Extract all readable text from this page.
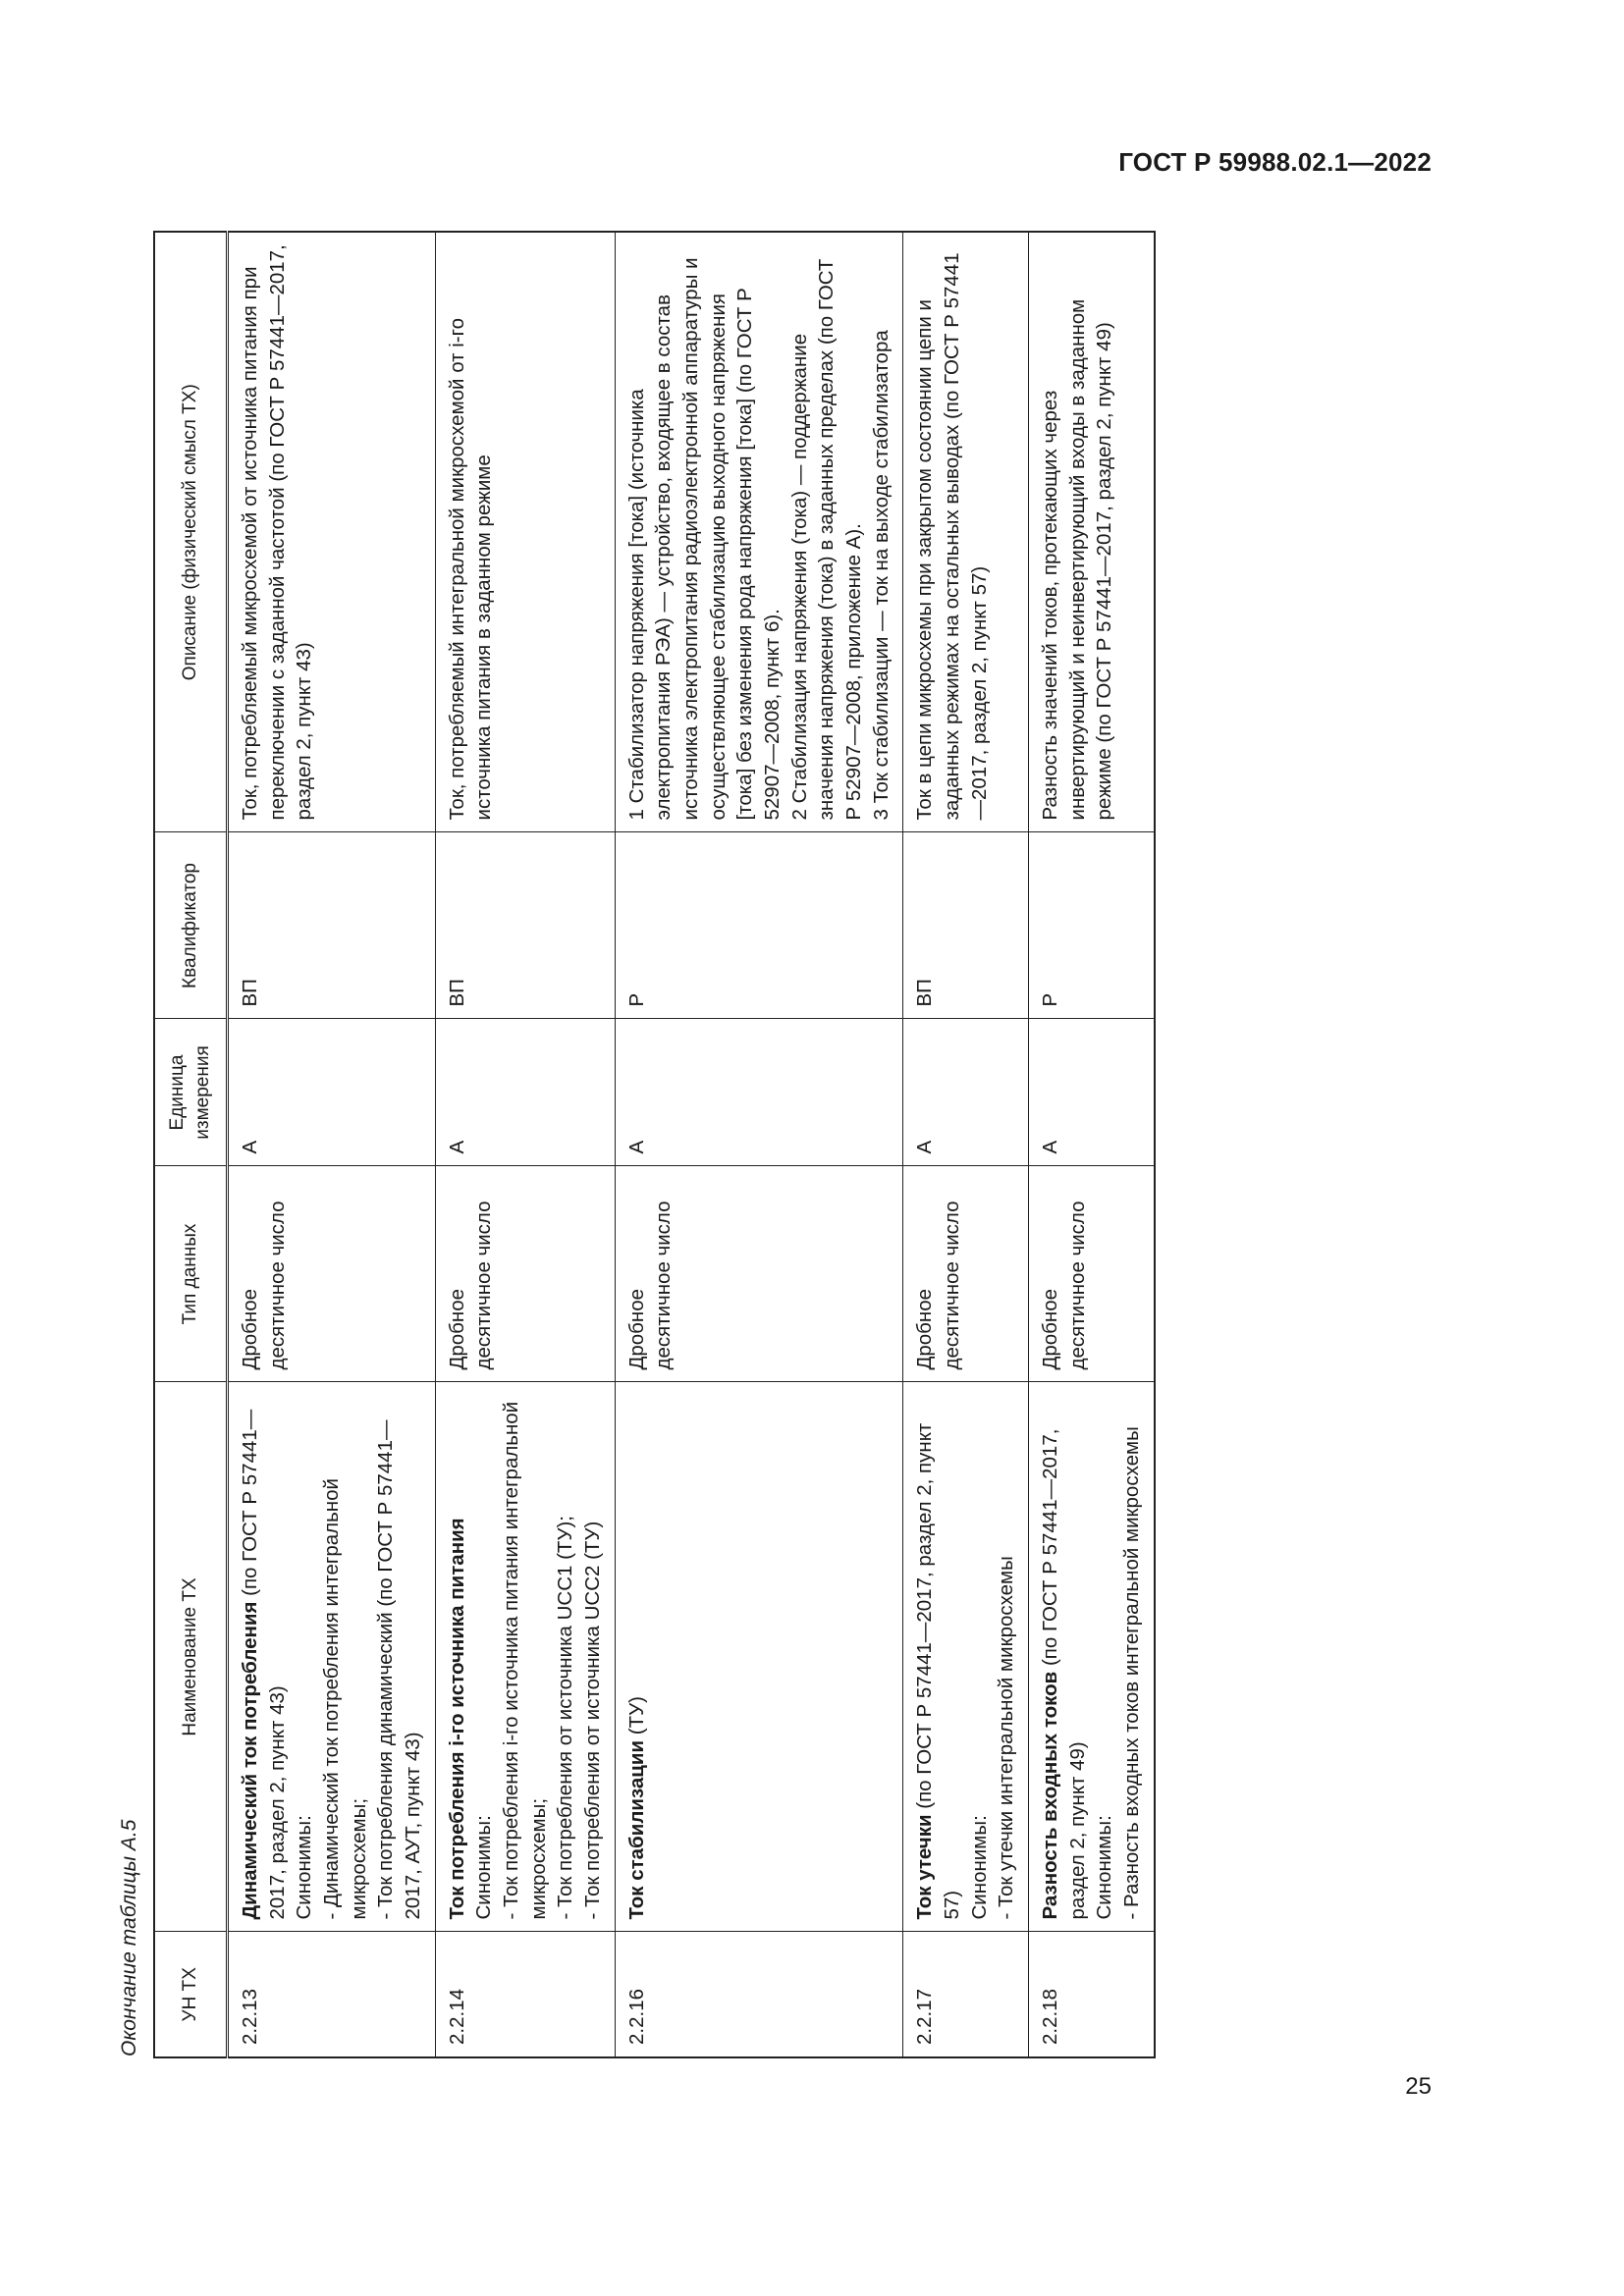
ГОСТ Р 59988.02.1—2022
Окончание таблицы А.5	УН ТХ	Наименование ТХ	Тип данных	Единица измерения	Квалификатор	Описание (физический смысл ТХ)
2.2.13	Динамический ток потребления (по ГОСТ Р 57441—2017, раздел 2, пункт 43) Синонимы: - Динамический ток потребления интегральной микросхемы; - Ток потребления динамический (по ГОСТ Р 57441—2017, АУТ, пункт 43)	Дробное десятичное число	А	ВП	Ток, потребляемый микросхемой от источника питания при переключении с заданной частотой (по ГОСТ Р 57441—2017, раздел 2, пункт 43)

2.2.14	Ток потребления i-го источника питания Синонимы: - Ток потребления i-го источника питания интегральной микросхемы; - Ток потребления от источника UCC1 (ТУ); - Ток потребления от источника UCC2 (ТУ)	Дробное десятичное число	А	ВП	Ток, потребляемый интегральной микросхемой от i-го источника питания в заданном режиме

2.2.16	Ток стабилизации (ТУ)	Дробное десятичное число	А	Р	1 Стабилизатор напряжения [тока] (источника электропитания РЭА) — устройство, входящее в состав источника электропитания радиоэлектронной аппаратуры и осуществляющее стабилизацию выходного напряжения [тока] без изменения рода напряжения [тока] (по ГОСТ Р 52907—2008, пункт 6). 2 Стабилизация напряжения (тока) — поддержание значения напряжения (тока) в заданных пределах (по ГОСТ Р 52907—2008, приложение А). 3 Ток стабилизации — ток на выходе стабилизатора

2.2.17	Ток утечки (по ГОСТ Р 57441—2017, раздел 2, пункт 57) Синонимы: - Ток утечки интегральной микросхемы	Дробное десятичное число	А	ВП	Ток в цепи микросхемы при закрытом состоянии цепи и заданных режимах на остальных выводах (по ГОСТ Р 57441—2017, раздел 2, пункт 57)

2.2.18	Разность входных токов (по ГОСТ Р 57441—2017, раздел 2, пункт 49) Синонимы: - Разность входных токов интегральной микросхемы	Дробное десятичное число	А	Р	Разность значений токов, протекающих через инвертирующий и неинвертирующий входы в заданном режиме (по ГОСТ Р 57441—2017, раздел 2, пункт 49)
25
